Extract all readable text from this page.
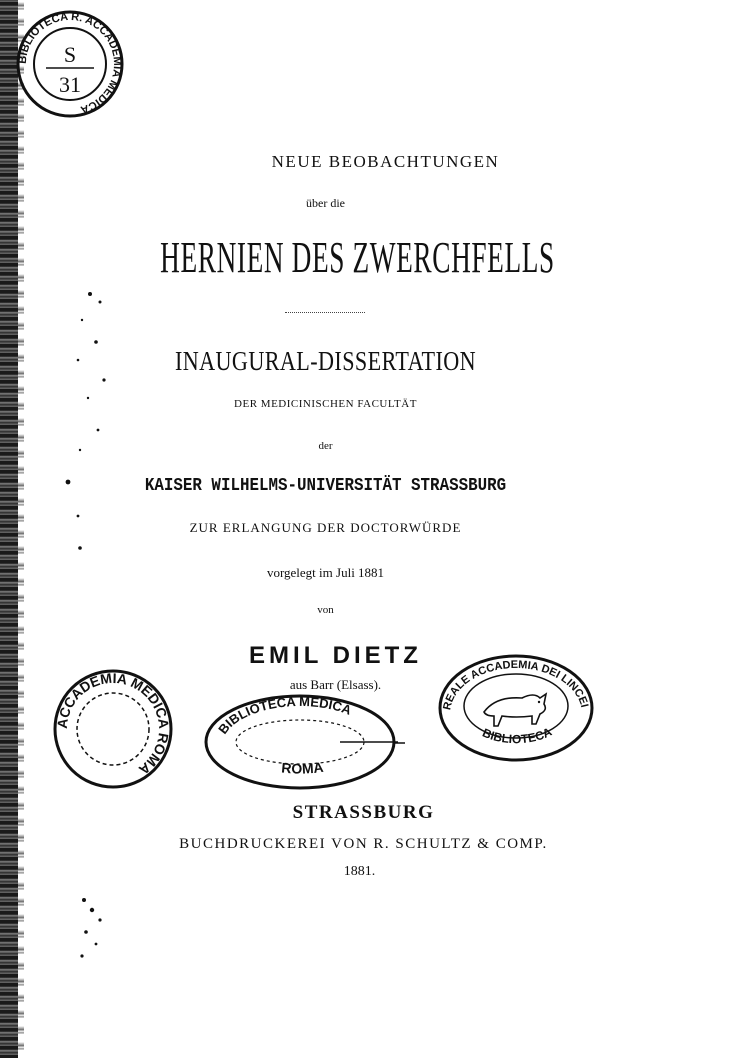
BIBLIOTECA R. ACCADEMIA MEDICA
S
31
NEUE BEOBACHTUNGEN
über die
HERNIEN DES ZWERCHFELLS
INAUGURAL-DISSERTATION
DER MEDICINISCHEN FACULTÄT
der
KAISER WILHELMS-UNIVERSITÄT STRASSBURG
ZUR ERLANGUNG DER DOCTORWÜRDE
vorgelegt im Juli 1881
von
EMIL DIETZ
aus Barr (Elsass).
ACCADEMIA MEDICA ROMA
BIBLIOTECA MEDICA
ROMA
REALE ACCADEMIA DEI LINCEI
BIBLIOTECA
STRASSBURG
BUCHDRUCKEREI VON R. SCHULTZ & COMP.
1881.
